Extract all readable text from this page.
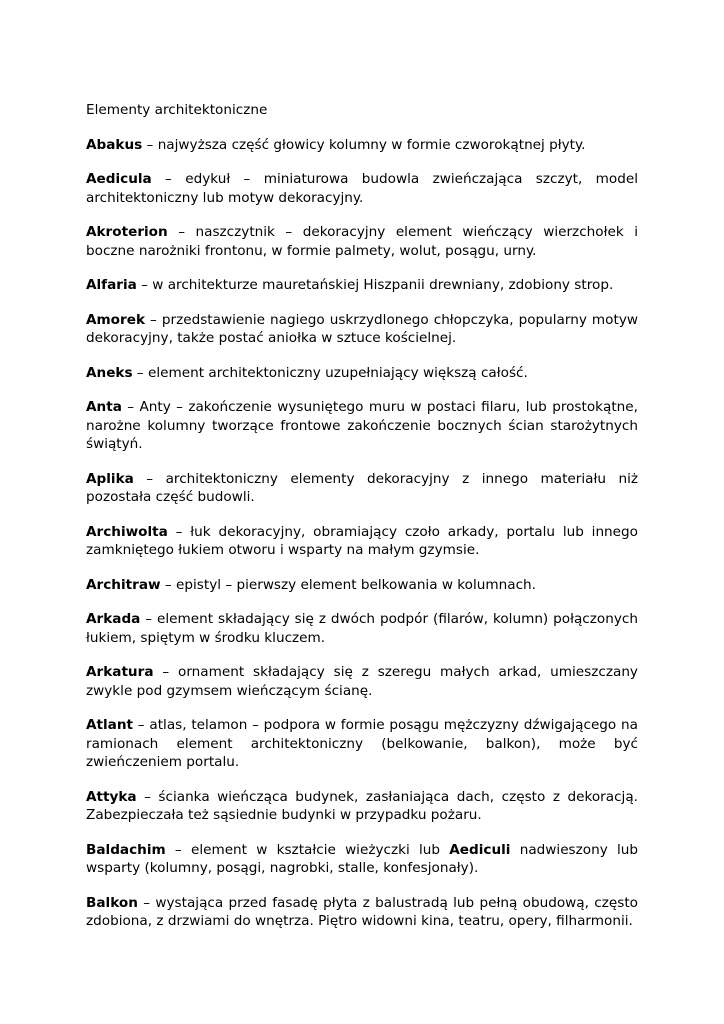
Elementy architektoniczne

Abakus – najwyższa część głowicy kolumny w formie czworokątnej płyty.

Aedicula – edykuł – miniaturowa budowla zwieńczająca szczyt, model architektoniczny lub motyw dekoracyjny.

Akroterion – naszczytnik – dekoracyjny element wieńczący wierzchołek i boczne narożniki frontonu, w formie palmety, wolut, posągu, urny.

Alfaria – w architekturze mauretańskiej Hiszpanii drewniany, zdobiony strop.

Amorek – przedstawienie nagiego uskrzydlonego chłopczyka, popularny motyw dekoracyjny, także postać aniołka w sztuce kościelnej.

Aneks – element architektoniczny uzupełniający większą całość.

Anta – Anty – zakończenie wysuniętego muru w postaci filaru, lub prostokątne, narożne kolumny tworzące frontowe zakończenie bocznych ścian starożytnych świątyń.

Aplika – architektoniczny elementy dekoracyjny z innego materiału niż pozostała część budowli.

Archiwolta – łuk dekoracyjny, obramiający czoło arkady, portalu lub innego zamkniętego łukiem otworu i wsparty na małym gzymsie.

Architraw – epistyl – pierwszy element belkowania w kolumnach.

Arkada – element składający się z dwóch podpór (filarów, kolumn) połączonych łukiem, spiętym w środku kluczem.

Arkatura – ornament składający się z szeregu małych arkad, umieszczany zwykle pod gzymsem wieńczącym ścianę.

Atlant – atlas, telamon – podpora w formie posągu mężczyzny dźwigającego na ramionach element architektoniczny (belkowanie, balkon), może być zwieńczeniem portalu.

Attyka – ścianka wieńcząca budynek, zasłaniająca dach, często z dekoracją. Zabezpieczała też sąsiednie budynki w przypadku pożaru.

Baldachim – element w kształcie wieżyczki lub Aediculi nadwieszony lub wsparty (kolumny, posągi, nagrobki, stalle, konfesjonały).

Balkon – wystająca przed fasadę płyta z balustradą lub pełną obudową, często zdobiona, z drzwiami do wnętrza. Piętro widowni kina, teatru, opery, filharmonii.
